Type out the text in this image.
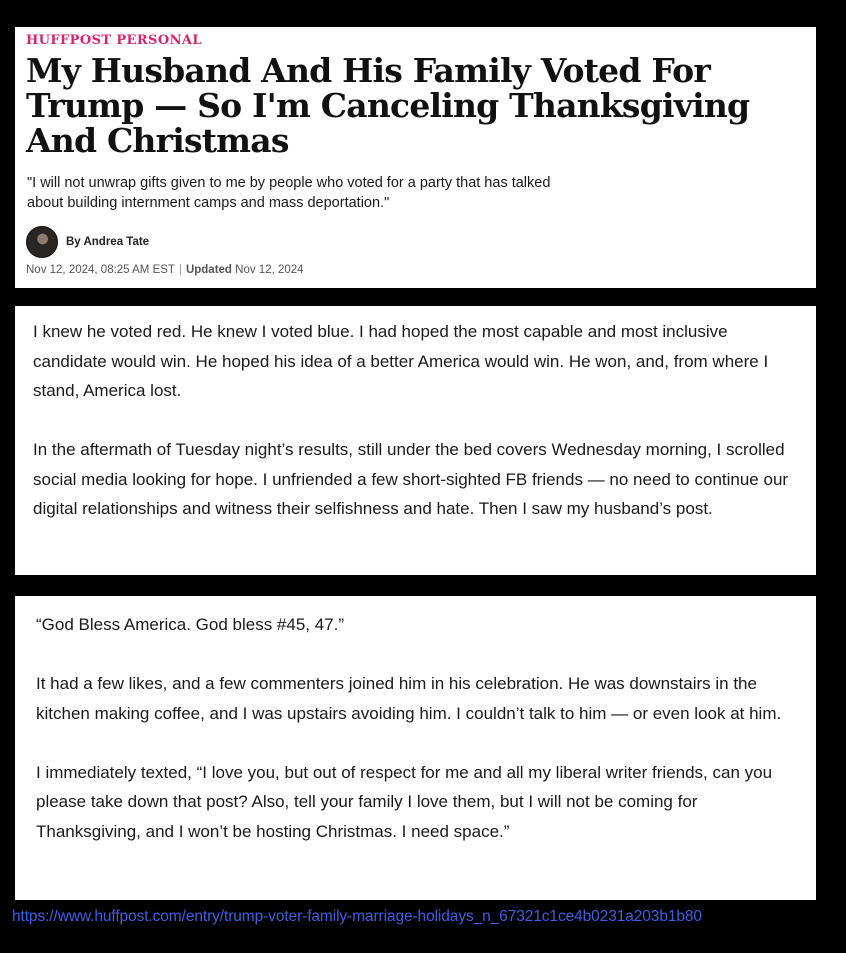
HUFFPOST PERSONAL
My Husband And His Family Voted For Trump — So I'm Canceling Thanksgiving And Christmas
"I will not unwrap gifts given to me by people who voted for a party that has talked about building internment camps and mass deportation."
By Andrea Tate
Nov 12, 2024, 08:25 AM EST | Updated Nov 12, 2024

I knew he voted red. He knew I voted blue. I had hoped the most capable and most inclusive candidate would win. He hoped his idea of a better America would win. He won, and, from where I stand, America lost.

In the aftermath of Tuesday night’s results, still under the bed covers Wednesday morning, I scrolled social media looking for hope. I unfriended a few short-sighted FB friends — no need to continue our digital relationships and witness their selfishness and hate. Then I saw my husband’s post.

“God Bless America. God bless #45, 47.”

It had a few likes, and a few commenters joined him in his celebration. He was downstairs in the kitchen making coffee, and I was upstairs avoiding him. I couldn’t talk to him — or even look at him.

I immediately texted, “I love you, but out of respect for me and all my liberal writer friends, can you please take down that post? Also, tell your family I love them, but I will not be coming for Thanksgiving, and I won’t be hosting Christmas. I need space.”

https://www.huffpost.com/entry/trump-voter-family-marriage-holidays_n_67321c1ce4b0231a203b1b80
